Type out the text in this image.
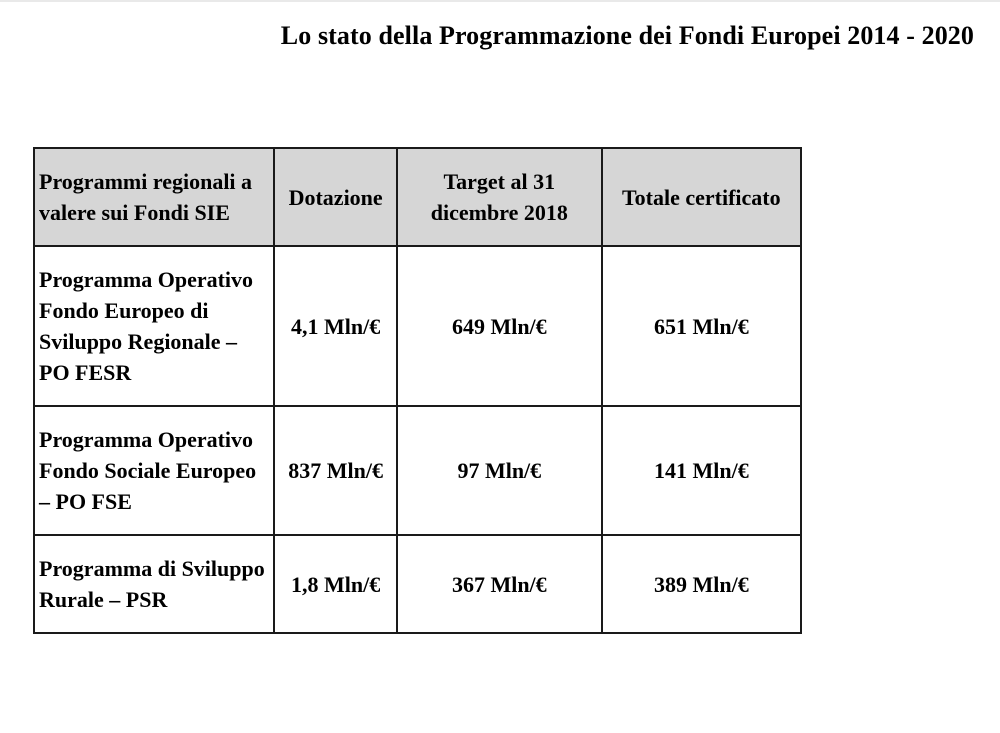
Lo stato della Programmazione dei Fondi Europei 2014 - 2020
Programmi regionali a valere sui Fondi SIE	Dotazione	Target al 31 dicembre 2018	Totale certificato
Programma Operativo Fondo Europeo di Sviluppo Regionale – PO FESR	4,1 Mln/€	649 Mln/€	651 Mln/€
Programma Operativo Fondo Sociale Europeo – PO FSE	837 Mln/€	97 Mln/€	141 Mln/€
Programma di Sviluppo Rurale – PSR	1,8 Mln/€	367 Mln/€	389 Mln/€
